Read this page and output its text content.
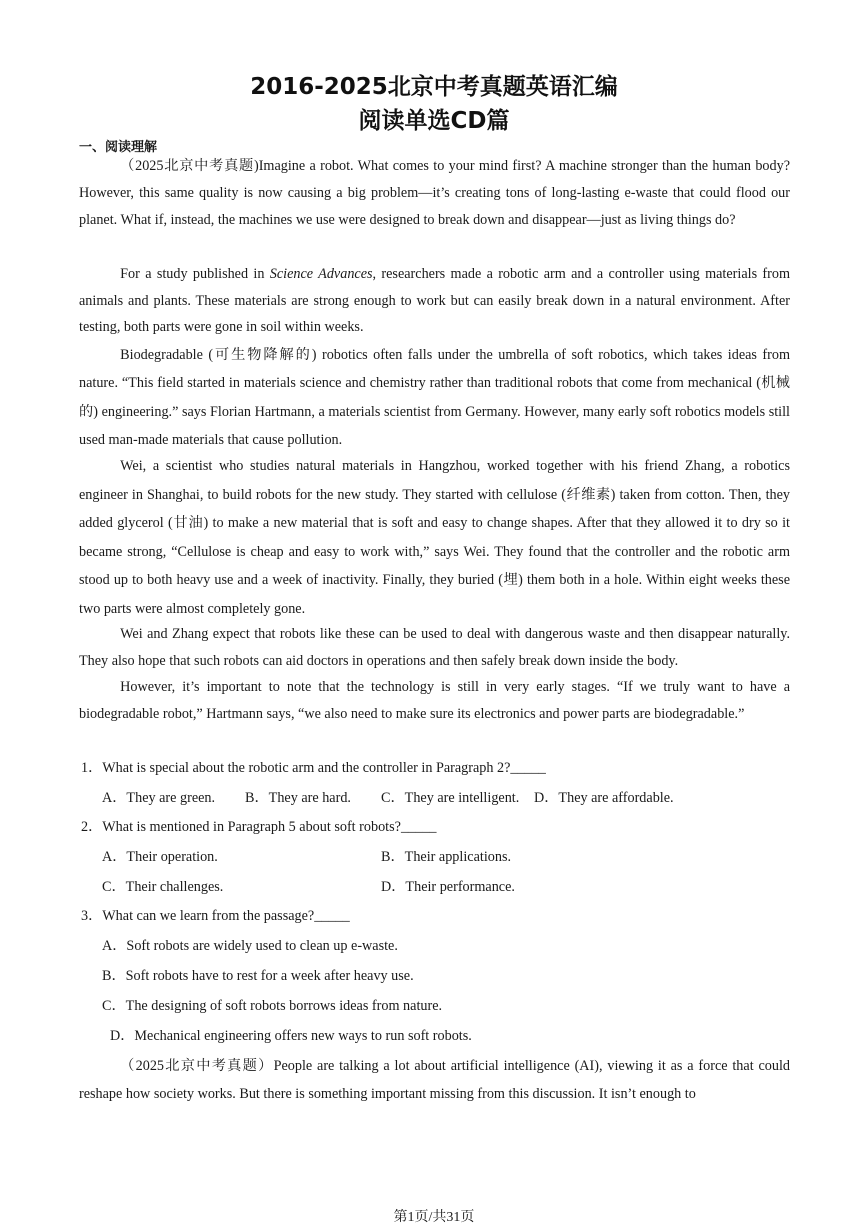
2016-2025北京中考真题英语汇编
阅读单选CD篇
一、阅读理解

（2025北京中考真题)Imagine a robot. What comes to your mind first? A machine stronger than the human body? However, this same quality is now causing a big problem—it’s creating tons of long-lasting e-waste that could flood our planet. What if, instead, the machines we use were designed to break down and disappear—just as living things do?

For a study published in Science Advances, researchers made a robotic arm and a controller using materials from animals and plants. These materials are strong enough to work but can easily break down in a natural environment. After testing, both parts were gone in soil within weeks.

Biodegradable (可生物降解的) robotics often falls under the umbrella of soft robotics, which takes ideas from nature. “This field started in materials science and chemistry rather than traditional robots that come from mechanical (机械的) engineering.” says Florian Hartmann, a materials scientist from Germany. However, many early soft robotics models still used man-made materials that cause pollution.

Wei, a scientist who studies natural materials in Hangzhou, worked together with his friend Zhang, a robotics engineer in Shanghai, to build robots for the new study. They started with cellulose (纤维素) taken from cotton. Then, they added glycerol (甘油) to make a new material that is soft and easy to change shapes. After that they allowed it to dry so it became strong, “Cellulose is cheap and easy to work with,” says Wei. They found that the controller and the robotic arm stood up to both heavy use and a week of inactivity. Finally, they buried (埋) them both in a hole. Within eight weeks these two parts were almost completely gone.

Wei and Zhang expect that robots like these can be used to deal with dangerous waste and then disappear naturally. They also hope that such robots can aid doctors in operations and then safely break down inside the body.

However, it’s important to note that the technology is still in very early stages. “If we truly want to have a biodegradable robot,” Hartmann says, “we also need to make sure its electronics and power parts are biodegradable.”

1．What is special about the robotic arm and the controller in Paragraph 2?_____
A．They are green. B．They are hard. C．They are intelligent. D．They are affordable.
2．What is mentioned in Paragraph 5 about soft robots?_____
A．Their operation.	B．Their applications.
C．Their challenges.	D．Their performance.
3．What can we learn from the passage?_____
A．Soft robots are widely used to clean up e-waste.
B．Soft robots have to rest for a week after heavy use.
C．The designing of soft robots borrows ideas from nature.
D．Mechanical engineering offers new ways to run soft robots.

（2025北京中考真题）People are talking a lot about artificial intelligence (AI), viewing it as a force that could reshape how society works. But there is something important missing from this discussion. It isn’t enough to

第1页/共31页
